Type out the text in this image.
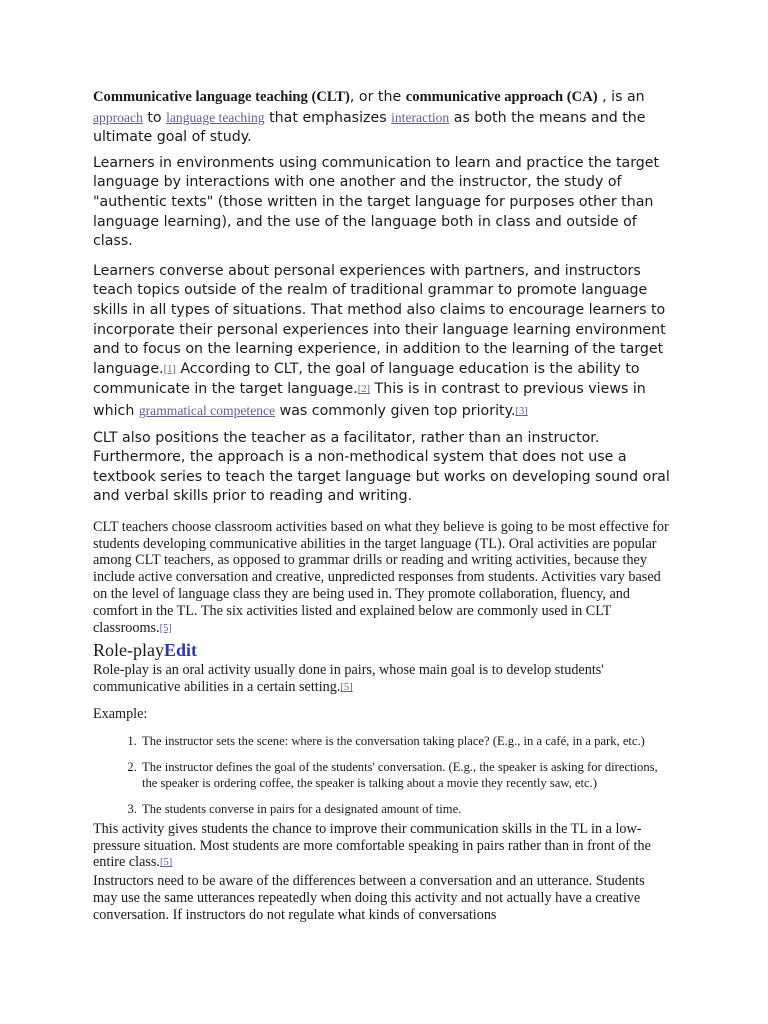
Communicative language teaching (CLT), or the communicative approach (CA) , is an approach to language teaching that emphasizes interaction as both the means and the ultimate goal of study.

Learners in environments using communication to learn and practice the target language by interactions with one another and the instructor, the study of "authentic texts" (those written in the target language for purposes other than language learning), and the use of the language both in class and outside of class.

Learners converse about personal experiences with partners, and instructors teach topics outside of the realm of traditional grammar to promote language skills in all types of situations. That method also claims to encourage learners to incorporate their personal experiences into their language learning environment and to focus on the learning experience, in addition to the learning of the target language.[1] According to CLT, the goal of language education is the ability to communicate in the target language.[2] This is in contrast to previous views in which grammatical competence was commonly given top priority.[3]

CLT also positions the teacher as a facilitator, rather than an instructor. Furthermore, the approach is a non-methodical system that does not use a textbook series to teach the target language but works on developing sound oral and verbal skills prior to reading and writing.

CLT teachers choose classroom activities based on what they believe is going to be most effective for students developing communicative abilities in the target language (TL). Oral activities are popular among CLT teachers, as opposed to grammar drills or reading and writing activities, because they include active conversation and creative, unpredicted responses from students. Activities vary based on the level of language class they are being used in. They promote collaboration, fluency, and comfort in the TL. The six activities listed and explained below are commonly used in CLT classrooms.[5]

Role-playEdit

Role-play is an oral activity usually done in pairs, whose main goal is to develop students' communicative abilities in a certain setting.[5]

Example:

1. The instructor sets the scene: where is the conversation taking place? (E.g., in a café, in a park, etc.)
2. The instructor defines the goal of the students' conversation. (E.g., the speaker is asking for directions, the speaker is ordering coffee, the speaker is talking about a movie they recently saw, etc.)
3. The students converse in pairs for a designated amount of time.

This activity gives students the chance to improve their communication skills in the TL in a low-pressure situation. Most students are more comfortable speaking in pairs rather than in front of the entire class.[5]

Instructors need to be aware of the differences between a conversation and an utterance. Students may use the same utterances repeatedly when doing this activity and not actually have a creative conversation. If instructors do not regulate what kinds of conversations
